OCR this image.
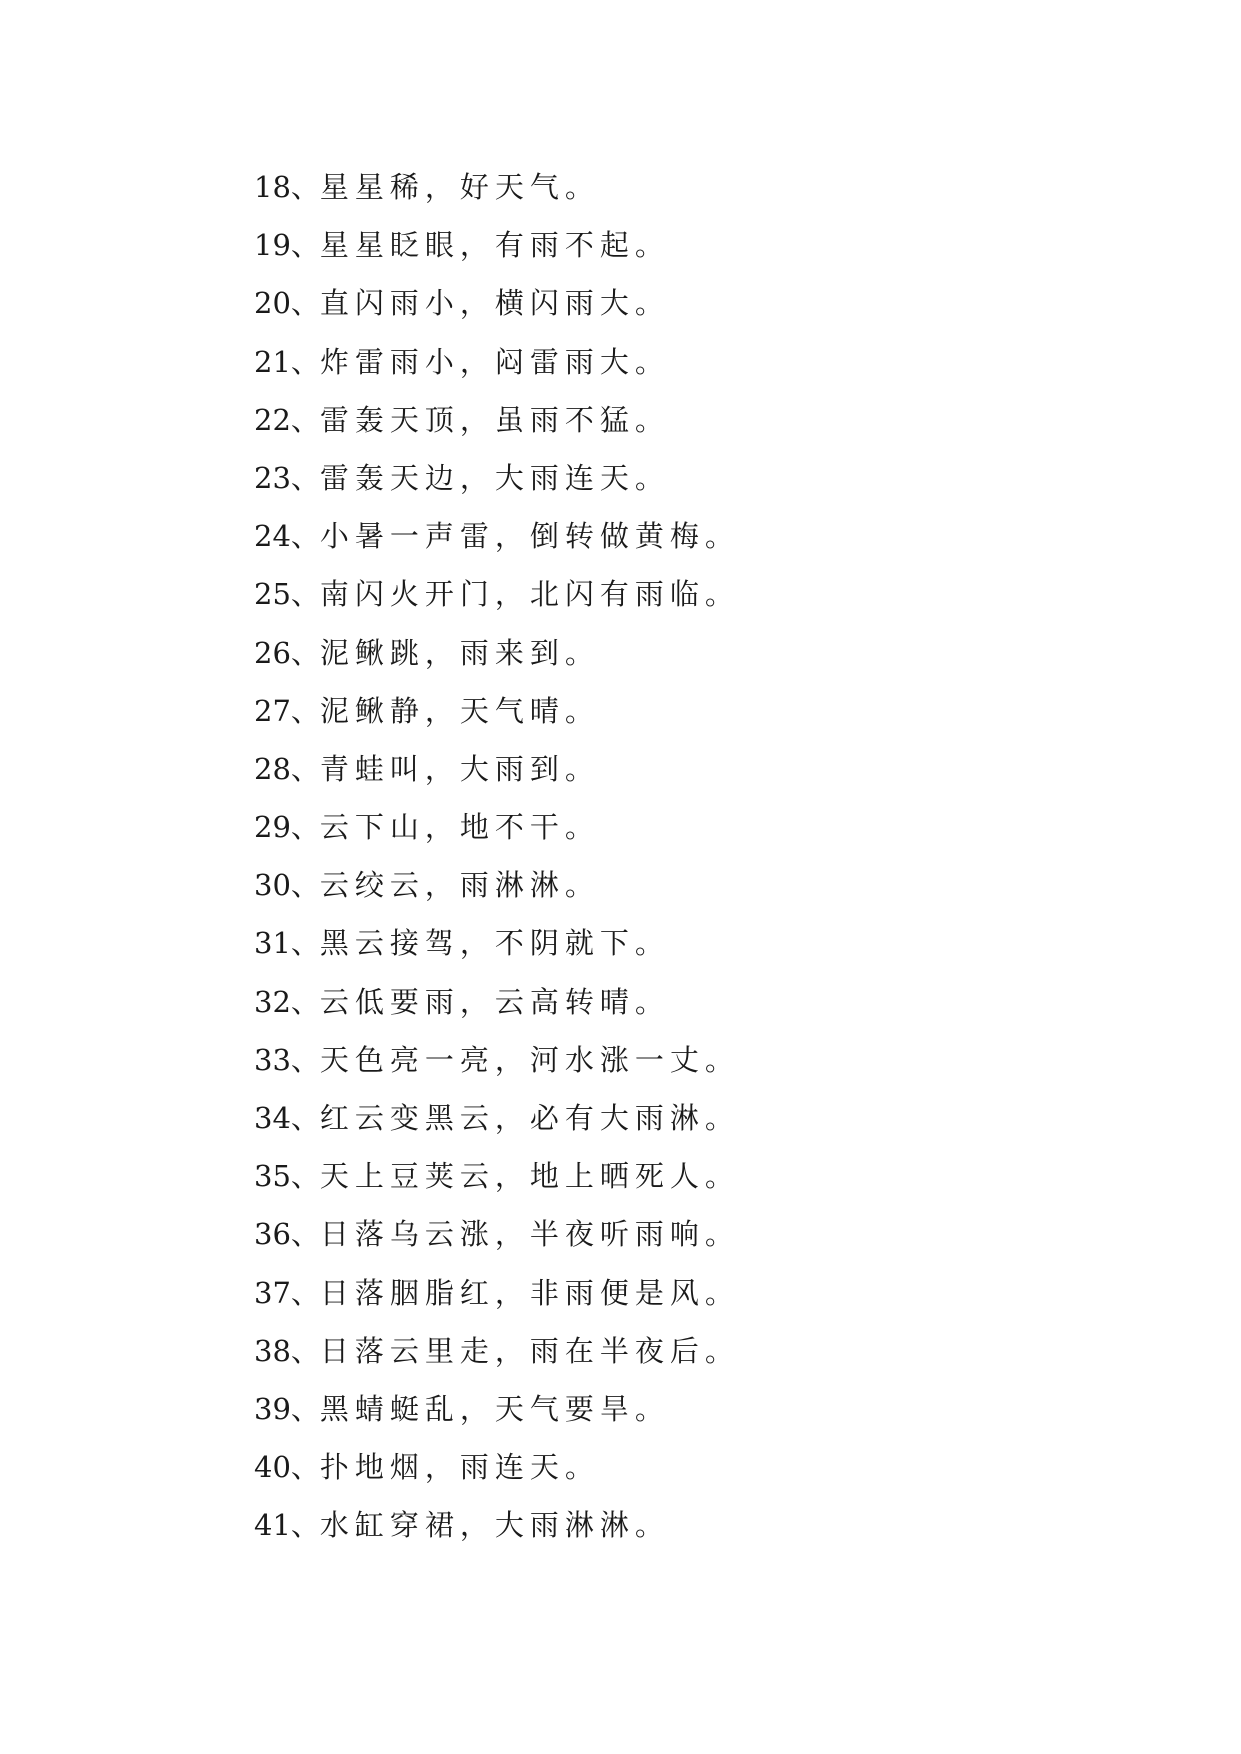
18、星星稀，好天气。
19、星星眨眼，有雨不起。
20、直闪雨小，横闪雨大。
21、炸雷雨小，闷雷雨大。
22、雷轰天顶，虽雨不猛。
23、雷轰天边，大雨连天。
24、小暑一声雷，倒转做黄梅。
25、南闪火开门，北闪有雨临。
26、泥鳅跳，雨来到。
27、泥鳅静，天气晴。
28、青蛙叫，大雨到。
29、云下山，地不干。
30、云绞云，雨淋淋。
31、黑云接驾，不阴就下。
32、云低要雨，云高转晴。
33、天色亮一亮，河水涨一丈。
34、红云变黑云，必有大雨淋。
35、天上豆荚云，地上晒死人。
36、日落乌云涨，半夜听雨响。
37、日落胭脂红，非雨便是风。
38、日落云里走，雨在半夜后。
39、黑蜻蜓乱，天气要旱。
40、扑地烟，雨连天。
41、水缸穿裙，大雨淋淋。
